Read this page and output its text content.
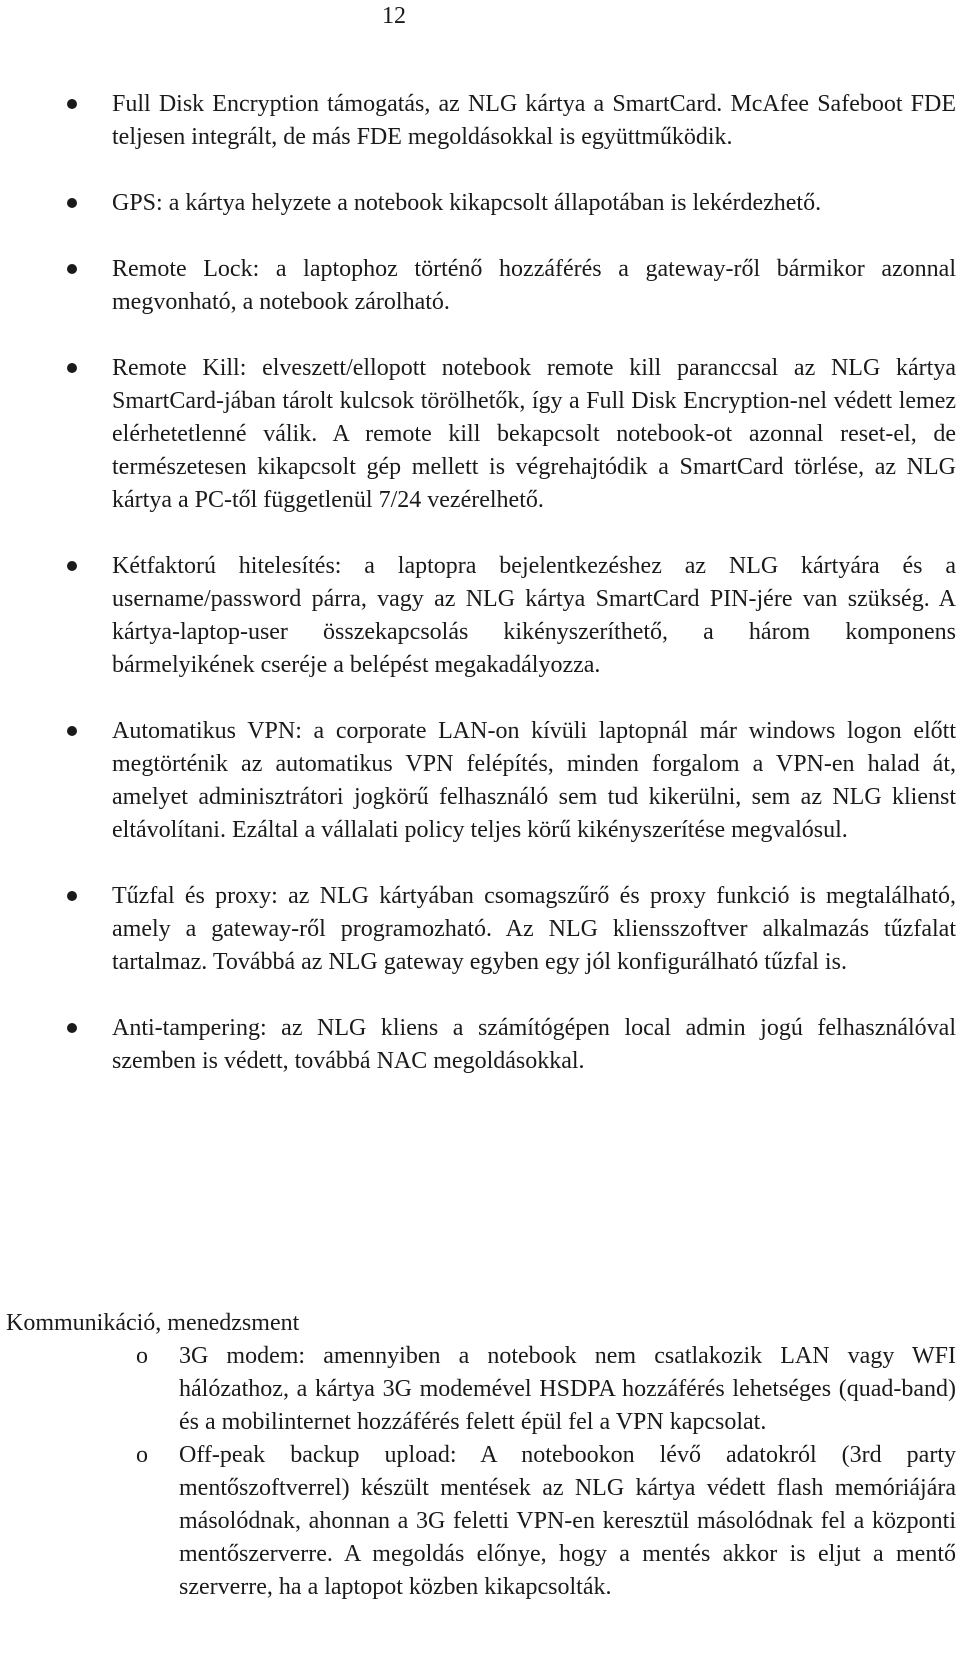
12
Full Disk Encryption támogatás, az NLG kártya a SmartCard. McAfee Safeboot FDE teljesen integrált, de más FDE megoldásokkal is együttműködik.
GPS: a kártya helyzete a notebook kikapcsolt állapotában is lekérdezhető.
Remote Lock: a laptophoz történő hozzáférés a gateway-ről bármikor azonnal megvonható, a notebook zárolható.
Remote Kill: elveszett/ellopott notebook remote kill paranccsal az NLG kártya SmartCard-jában tárolt kulcsok törölhetők, így a Full Disk Encryption-nel védett lemez elérhetetlenné válik. A remote kill bekapcsolt notebook-ot azonnal reset-el, de természetesen kikapcsolt gép mellett is végrehajtódik a SmartCard törlése, az NLG kártya a PC-től függetlenül 7/24 vezérelhető.
Kétfaktorú hitelesítés: a laptopra bejelentkezéshez az NLG kártyára és a username/password párra, vagy az NLG kártya SmartCard PIN-jére van szükség. A kártya-laptop-user összekapcsolás kikényszeríthető, a három komponens bármelyikének cseréje a belépést megakadályozza.
Automatikus VPN: a corporate LAN-on kívüli laptopnál már windows logon előtt megtörténik az automatikus VPN felépítés, minden forgalom a VPN-en halad át, amelyet adminisztrátori jogkörű felhasználó sem tud kikerülni, sem az NLG klienst eltávolítani. Ezáltal a vállalati policy teljes körű kikényszerítése megvalósul.
Tűzfal és proxy: az NLG kártyában csomagszűrő és proxy funkció is megtalálható, amely a gateway-ről programozható. Az NLG kliensszoftver alkalmazás tűzfalat tartalmaz. Továbbá az NLG gateway egyben egy jól konfigurálható tűzfal is.
Anti-tampering: az NLG kliens a számítógépen local admin jogú felhasználóval szemben is védett, továbbá NAC megoldásokkal.
Kommunikáció, menedzsment
o 3G modem: amennyiben a notebook nem csatlakozik LAN vagy WFI hálózathoz, a kártya 3G modemével HSDPA hozzáférés lehetséges (quad-band) és a mobilinternet hozzáférés felett épül fel a VPN kapcsolat.
o Off-peak backup upload: A notebookon lévő adatokról (3rd party mentőszoftverrel) készült mentések az NLG kártya védett flash memóriájára másolódnak, ahonnan a 3G feletti VPN-en keresztül másolódnak fel a központi mentőszerverre. A megoldás előnye, hogy a mentés akkor is eljut a mentő szerverre, ha a laptopot közben kikapcsolták.
